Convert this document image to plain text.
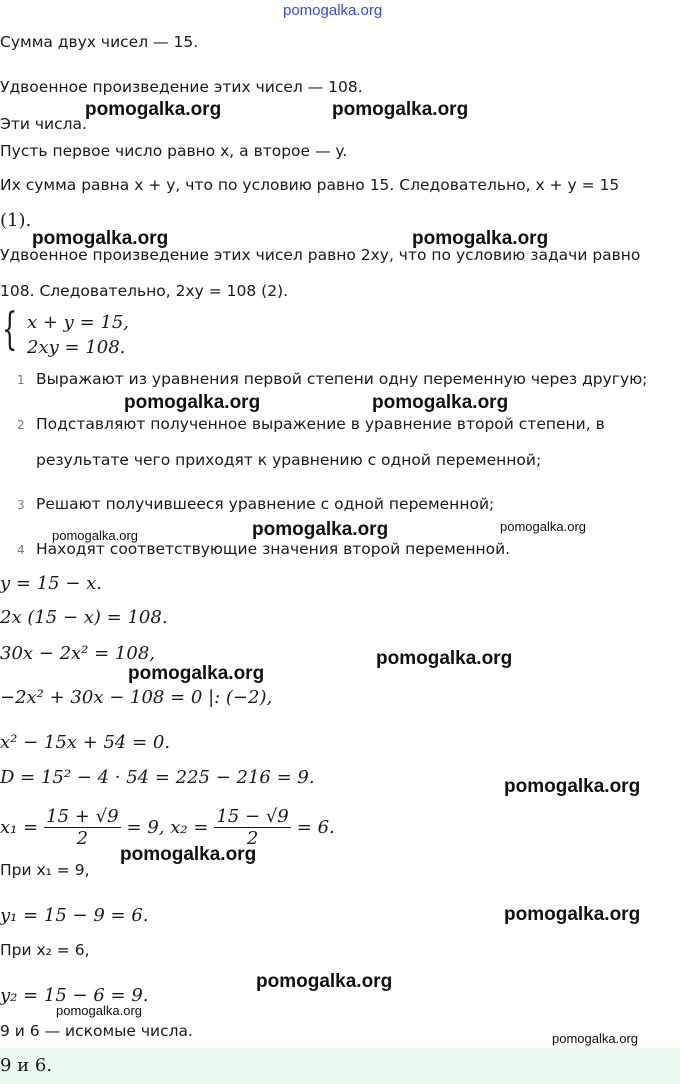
pomogalka.org
Сумма двух чисел — 15.
Удвоенное произведение этих чисел — 108.
Эти числа.
Пусть первое число равно x, а второе — y.
Их сумма равна x + y, что по условию равно 15. Следовательно, x + y = 15
(1).
Удвоенное произведение этих чисел равно 2xy, что по условию задачи равно
108. Следовательно, 2xy = 108 (2).
{ x + y = 15,
2xy = 108.
1 Выражают из уравнения первой степени одну переменную через другую;
2 Подставляют полученное выражение в уравнение второй степени, в
результате чего приходят к уравнению с одной переменной;
3 Решают получившееся уравнение с одной переменной;
4 Находят соответствующие значения второй переменной.
y = 15 − x.
2x (15 − x) = 108.
30x − 2x² = 108,
−2x² + 30x − 108 = 0 |: (−2),
x² − 15x + 54 = 0.
D = 15² − 4 · 54 = 225 − 216 = 9.
$x_1 = \frac{15 + √9}{2} = 9$, $x_2 = \frac{15 - √9}{2} = 6$.
При x₁ = 9,
y₁ = 15 − 9 = 6.
При x₂ = 6,
y₂ = 15 − 6 = 9.
9 и 6 — искомые числа.
9 и 6.
pomogalka.org	pomogalka.org
pomogalka.org	pomogalka.org
pomogalka.org	pomogalka.org
pomogalka.org	pomogalka.org	pomogalka.org
pomogalka.org
pomogalka.org
pomogalka.org
pomogalka.org
pomogalka.org
pomogalka.org
pomogalka.org
pomogalka.org
